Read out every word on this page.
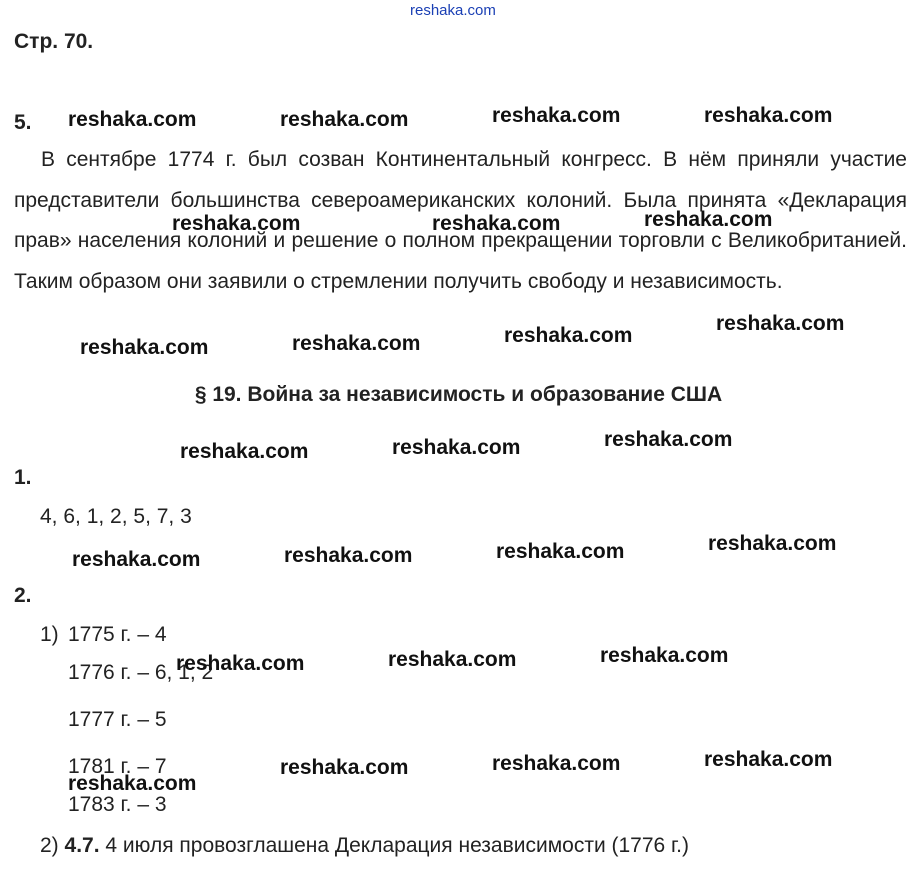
reshaka.com
Стр. 70.
5.
В сентябре 1774 г. был созван Континентальный конгресс. В нём приняли участие представители большинства североамериканских колоний. Была принята «Декларация прав» населения колоний и решение о полном прекращении торговли с Великобританией. Таким образом они заявили о стремлении получить свободу и независимость.
§ 19. Война за независимость и образование США
1.
4, 6, 1, 2, 5, 7, 3
2.
1) 1775 г. – 4
1776 г. – 6, 1, 2
1777 г. – 5
1781 г. – 7
1783 г. – 3
2) 4.7. 4 июля провозглашена Декларация независимости (1776 г.)
reshaka.com	reshaka.com	reshaka.com	reshaka.com
reshaka.com	reshaka.com	reshaka.com
reshaka.com	reshaka.com	reshaka.com
reshaka.com
reshaka.com	reshaka.com	reshaka.com
reshaka.com	reshaka.com	reshaka.com	reshaka.com
reshaka.com	reshaka.com	reshaka.com
reshaka.com
reshaka.com	reshaka.com	reshaka.com
